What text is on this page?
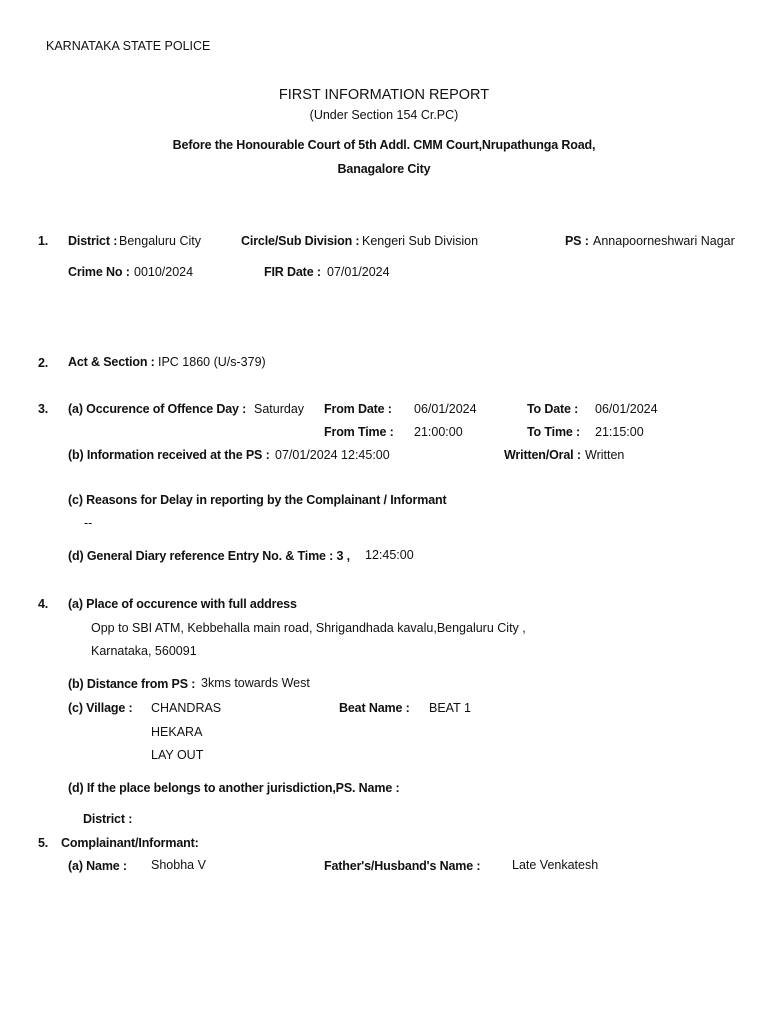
KARNATAKA STATE POLICE
FIRST INFORMATION REPORT
(Under Section 154 Cr.PC)
Before the Honourable Court of 5th Addl. CMM Court,Nrupathunga Road,
Banagalore City
1. District : Bengaluru City	Circle/Sub Division : Kengeri Sub Division	PS : Annapoorneshwari Nagar
Crime No : 0010/2024	FIR Date : 07/01/2024
2. Act & Section : IPC 1860 (U/s-379)
3. (a) Occurence of Offence Day : Saturday From Date : 06/01/2024	To Date : 06/01/2024
From Time : 21:00:00	To Time : 21:15:00
(b) Information received at the PS : 07/01/2024 12:45:00	Written/Oral : Written
(c) Reasons for Delay in reporting by the Complainant / Informant
--
(d) General Diary reference Entry No. & Time : 3 , 12:45:00
4. (a) Place of occurence with full address
Opp to SBI ATM, Kebbehalla main road, Shrigandhada kavalu,Bengaluru City ,
Karnataka, 560091
(b) Distance from PS : 3kms towards West
(c) Village : CHANDRAS
HEKARA
LAY OUT
Beat Name : BEAT 1
(d) If the place belongs to another jurisdiction,PS. Name :
District :
5. Complainant/Informant:
(a) Name : Shobha V	Father's/Husband's Name :	Late Venkatesh
